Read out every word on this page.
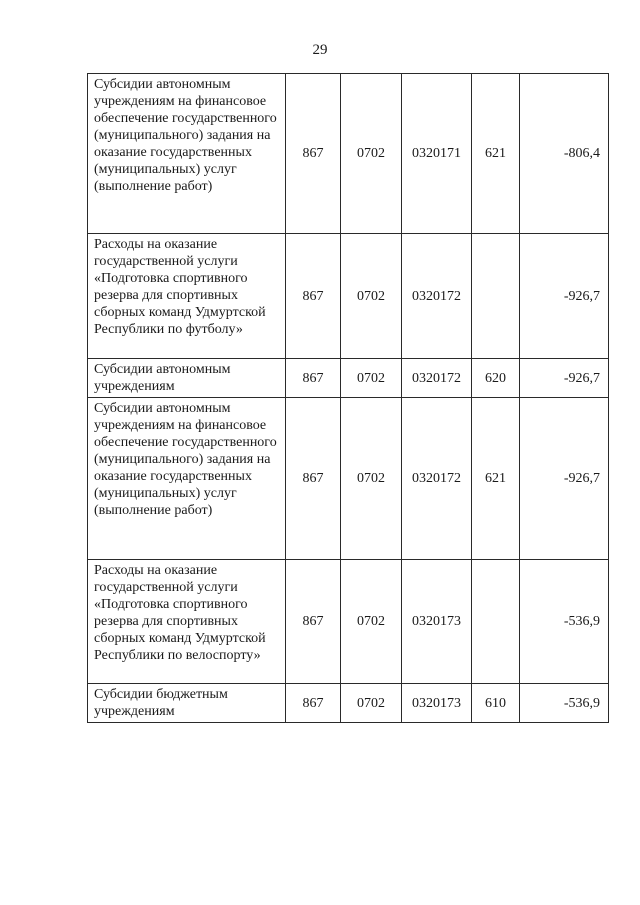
29
Субсидии автономным учреждениям на финансовое обеспечение государственного (муниципального) задания на оказание государственных (муниципальных) услуг (выполнение работ)	867	0702	0320171	621	-806,4
Расходы на оказание государственной услуги «Подготовка спортивного резерва для спортивных сборных команд Удмуртской Республики по футболу»	867	0702	0320172		-926,7
Субсидии автономным учреждениям	867	0702	0320172	620	-926,7
Субсидии автономным учреждениям на финансовое обеспечение государственного (муниципального) задания на оказание государственных (муниципальных) услуг (выполнение работ)	867	0702	0320172	621	-926,7
Расходы на оказание государственной услуги «Подготовка спортивного резерва для спортивных сборных команд Удмуртской Республики по велоспорту»	867	0702	0320173		-536,9
Субсидии бюджетным учреждениям	867	0702	0320173	610	-536,9
